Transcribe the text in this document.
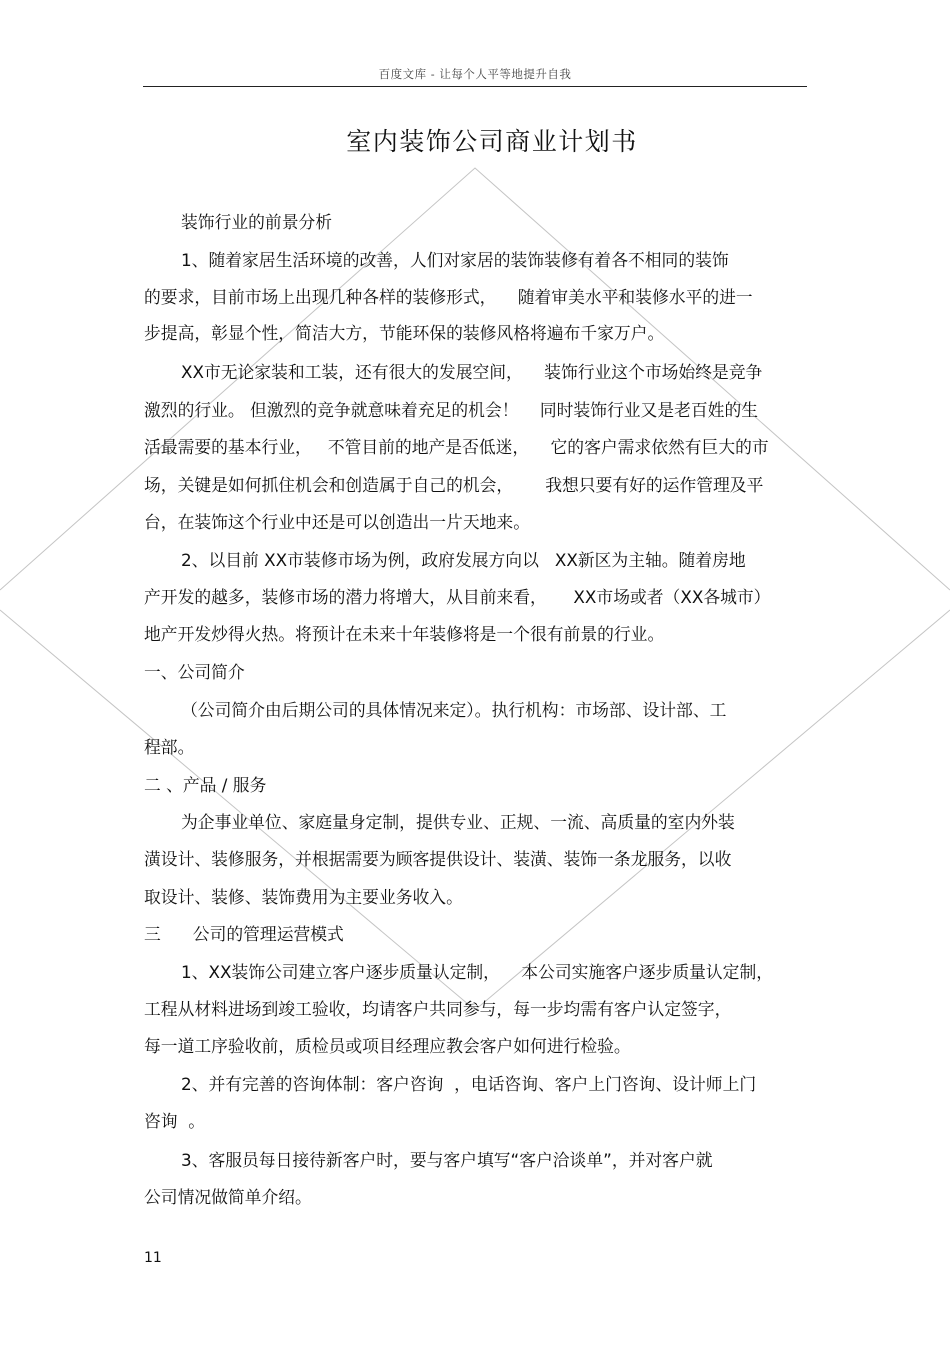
百度文库 - 让每个人平等地提升自我
室内装饰公司商业计划书
装饰行业的前景分析
1、随着家居生活环境的改善，人们对家居的装饰装修有着各不相同的装饰
的要求，目前市场上出现几种各样的装修形式，    随着审美水平和装修水平的进一
步提高，彰显个性，简洁大方，节能环保的装修风格将遍布千家万户。
XX市无论家装和工装，还有很大的发展空间，    装饰行业这个市场始终是竞争
激烈的行业。 但激烈的竞争就意味着充足的机会！    同时装饰行业又是老百姓的生
活最需要的基本行业，   不管目前的地产是否低迷，    它的客户需求依然有巨大的市
场，关键是如何抓住机会和创造属于自己的机会，      我想只要有好的运作管理及平
台，在装饰这个行业中还是可以创造出一片天地来。
2、以目前 XX市装修市场为例，政府发展方向以   XX新区为主轴。随着房地
产开发的越多，装修市场的潜力将增大，从目前来看，     XX市场或者（XX各城市）
地产开发炒得火热。将预计在未来十年装修将是一个很有前景的行业。
一、公司简介
（公司简介由后期公司的具体情况来定）。执行机构：市场部、设计部、工
程部。
二 、产品 / 服务
为企事业单位、家庭量身定制，提供专业、正规、一流、高质量的室内外装
潢设计、装修服务，并根据需要为顾客提供设计、装潢、装饰一条龙服务，以收
取设计、装修、装饰费用为主要业务收入。
三      公司的管理运营模式
1、XX装饰公司建立客户逐步质量认定制，    本公司实施客户逐步质量认定制，
工程从材料进场到竣工验收，均请客户共同参与，每一步均需有客户认定签字，
每一道工序验收前，质检员或项目经理应教会客户如何进行检验。
2、并有完善的咨询体制：客户咨询  ，电话咨询、客户上门咨询、设计师上门
咨询  。
3、客服员每日接待新客户时，要与客户填写“客户洽谈单”，并对客户就
公司情况做简单介绍。
11
